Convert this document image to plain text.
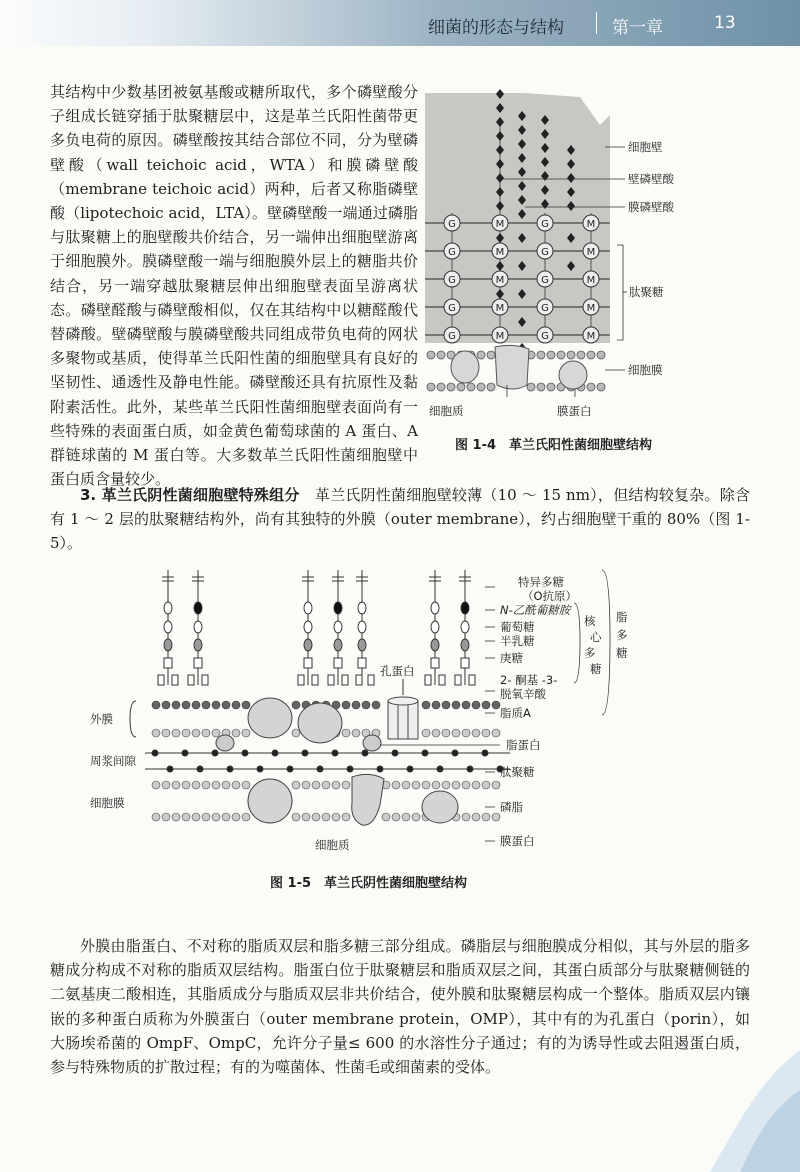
细菌的形态与结构	第一章	13
其结构中少数基团被氨基酸或糖所取代，多个磷壁酸分子组成长链穿插于肽聚糖层中，这是革兰氏阳性菌带更多负电荷的原因。磷壁酸按其结合部位不同，分为壁磷壁酸（wall teichoic acid，WTA）和膜磷壁酸（membrane teichoic acid）两种，后者又称脂磷壁酸（lipotechoic acid，LTA）。壁磷壁酸一端通过磷脂与肽聚糖上的胞壁酸共价结合，另一端伸出细胞壁游离于细胞膜外。膜磷壁酸一端与细胞膜外层上的糖脂共价结合，另一端穿越肽聚糖层伸出细胞壁表面呈游离状态。磷壁醛酸与磷壁酸相似，仅在其结构中以糖醛酸代替磷酸。壁磷壁酸与膜磷壁酸共同组成带负电荷的网状多聚物或基质，使得革兰氏阳性菌的细胞壁具有良好的坚韧性、通透性及静电性能。磷壁酸还具有抗原性及黏附素活性。此外，某些革兰氏阳性菌细胞壁表面尚有一些特殊的表面蛋白质，如金黄色葡萄球菌的 A 蛋白、A 群链球菌的 M 蛋白等。大多数革兰氏阳性菌细胞壁中蛋白质含量较少。
G	M	G	M
G	M	G	M
G	M	G	M
G	M	G	M
G	M	G	M
细胞壁
壁磷壁酸
膜磷壁酸
肽聚糖
细胞膜
细胞质	膜蛋白
图 1-4　革兰氏阳性菌细胞壁结构
3. 革兰氏阴性菌细胞壁特殊组分　 革兰氏阴性菌细胞壁较薄（10 ～ 15 nm），但结构较复杂。除含有 1 ～ 2 层的肽聚糖结构外，尚有其独特的外膜（outer membrane），约占细胞壁干重的 80%（图 1-5）。
外膜
周浆间隙
细胞膜
细胞质
孔蛋白
特异多糖
（O抗原）
N-乙酰葡糖胺
葡萄糖
半乳糖
庚糖
2- 酮基 -3-
脱氧辛酸
脂质A
脂蛋白
肽聚糖
磷脂
膜蛋白
核
心
多
糖
脂
多
糖
图 1-5　革兰氏阴性菌细胞壁结构
外膜由脂蛋白、不对称的脂质双层和脂多糖三部分组成。磷脂层与细胞膜成分相似，其与外层的脂多糖成分构成不对称的脂质双层结构。脂蛋白位于肽聚糖层和脂质双层之间，其蛋白质部分与肽聚糖侧链的二氨基庚二酸相连，其脂质成分与脂质双层非共价结合，使外膜和肽聚糖层构成一个整体。脂质双层内镶嵌的多种蛋白质称为外膜蛋白（outer membrane protein，OMP），其中有的为孔蛋白（porin），如大肠埃希菌的 OmpF、OmpC，允许分子量≤ 600 的水溶性分子通过；有的为诱导性或去阻遏蛋白质，参与特殊物质的扩散过程；有的为噬菌体、性菌毛或细菌素的受体。
